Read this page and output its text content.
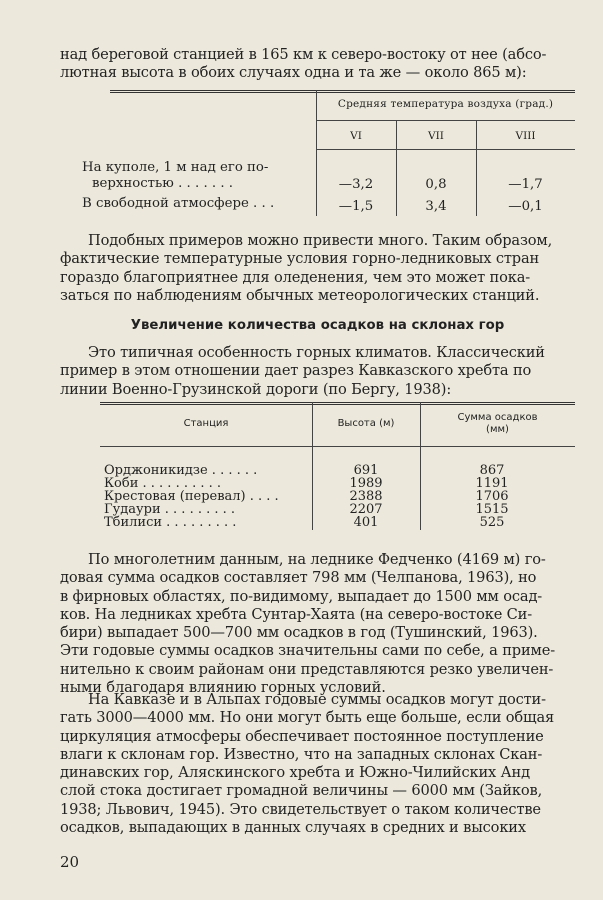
над береговой станцией в 165 км к северо-востоку от нее (абсо-
лютная высота в обоих случаях одна и та же — около 865 м):
Средняя температура воздуха (град.)
VI	VII	VIII
На куполе, 1 м над его по-
верхностью . . . . . . .	—3,2	0,8	—1,7
В свободной атмосфере . . .	—1,5	3,4	—0,1
Подобных примеров можно привести много. Таким образом,
фактические температурные условия горно-ледниковых стран
гораздо благоприятнее для оледенения, чем это может пока-
заться по наблюдениям обычных метеорологических станций.
Увеличение количества осадков на склонах гор
Это типичная особенность горных климатов. Классический
пример в этом отношении дает разрез Кавказского хребта по
линии Военно-Грузинской дороги (по Бергу, 1938):
Станция	Высота (м)
Сумма осадков
(мм)
Орджоникидзе . . . . . .	691	867
Коби . . . . . . . . . .	1989	1191
Крестовая (перевал) . . . .	2388	1706
Гудаури . . . . . . . . .	2207	1515
Тбилиси . . . . . . . . .	401	525
По многолетним данным, на леднике Федченко (4169 м) го-
довая сумма осадков составляет 798 мм (Челпанова, 1963), но
в фирновых областях, по-видимому, выпадает до 1500 мм осад-
ков. На ледниках хребта Сунтар-Хаята (на северо-востоке Си-
бири) выпадает 500—700 мм осадков в год (Тушинский, 1963).
Эти годовые суммы осадков значительны сами по себе, а приме-
нительно к своим районам они представляются резко увеличен-
ными благодаря влиянию горных условий.
На Кавказе и в Альпах годовые суммы осадков могут дости-
гать 3000—4000 мм. Но они могут быть еще больше, если общая
циркуляция атмосферы обеспечивает постоянное поступление
влаги к склонам гор. Известно, что на западных склонах Скан-
динавских гор, Аляскинского хребта и Южно-Чилийских Анд
слой стока достигает громадной величины — 6000 мм (Зайков,
1938; Львович, 1945). Это свидетельствует о таком количестве
осадков, выпадающих в данных случаях в средних и высоких
20
